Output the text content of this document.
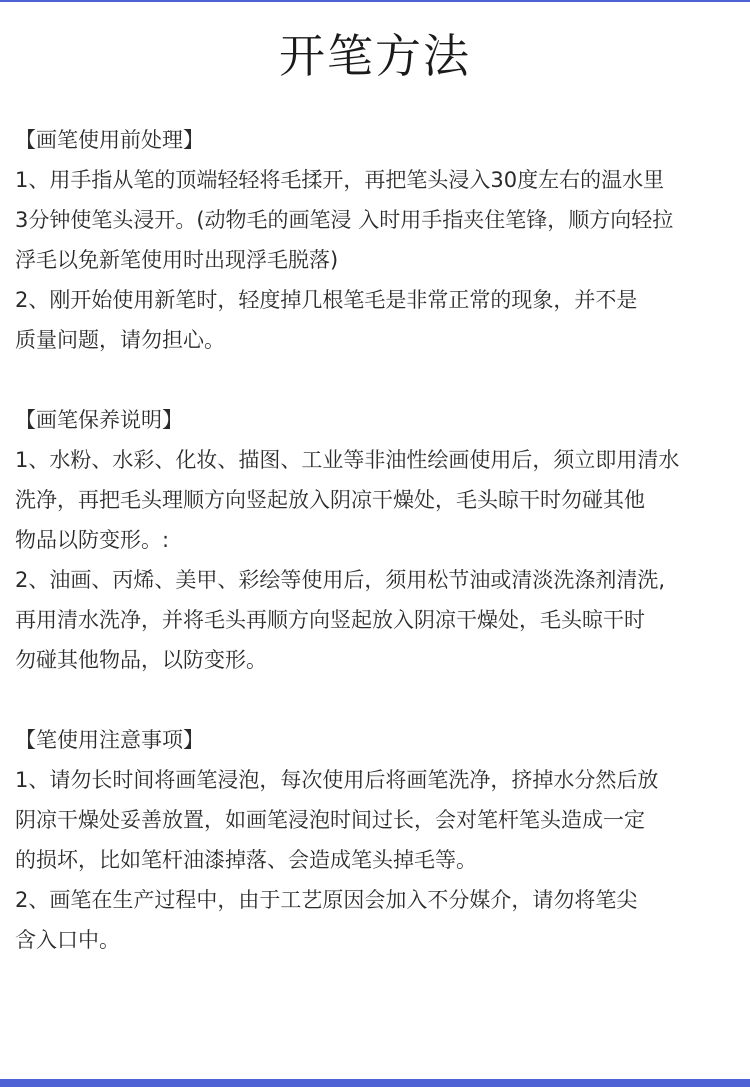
开笔方法
【画笔使用前处理】
1、用手指从笔的顶端轻轻将毛揉开，再把笔头浸入30度左右的温水里
3分钟使笔头浸开。(动物毛的画笔浸 入时用手指夹住笔锋，顺方向轻拉
浮毛以免新笔使用时出现浮毛脱落)
2、刚开始使用新笔时，轻度掉几根笔毛是非常正常的现象，并不是
质量问题，请勿担心。
【画笔保养说明】
1、水粉、水彩、化妆、描图、工业等非油性绘画使用后，须立即用清水
洗净，再把毛头理顺方向竖起放入阴凉干燥处，毛头晾干时勿碰其他
物品以防变形。:
2、油画、丙烯、美甲、彩绘等使用后，须用松节油或清淡洗涤剂清洗,
再用清水洗净，并将毛头再顺方向竖起放入阴凉干燥处，毛头晾干时
勿碰其他物品，以防变形。
【笔使用注意事项】
1、请勿长时间将画笔浸泡，每次使用后将画笔洗净，挤掉水分然后放
阴凉干燥处妥善放置，如画笔浸泡时间过长，会对笔杆笔头造成一定
的损坏，比如笔杆油漆掉落、会造成笔头掉毛等。
2、画笔在生产过程中，由于工艺原因会加入不分媒介，请勿将笔尖
含入口中。
